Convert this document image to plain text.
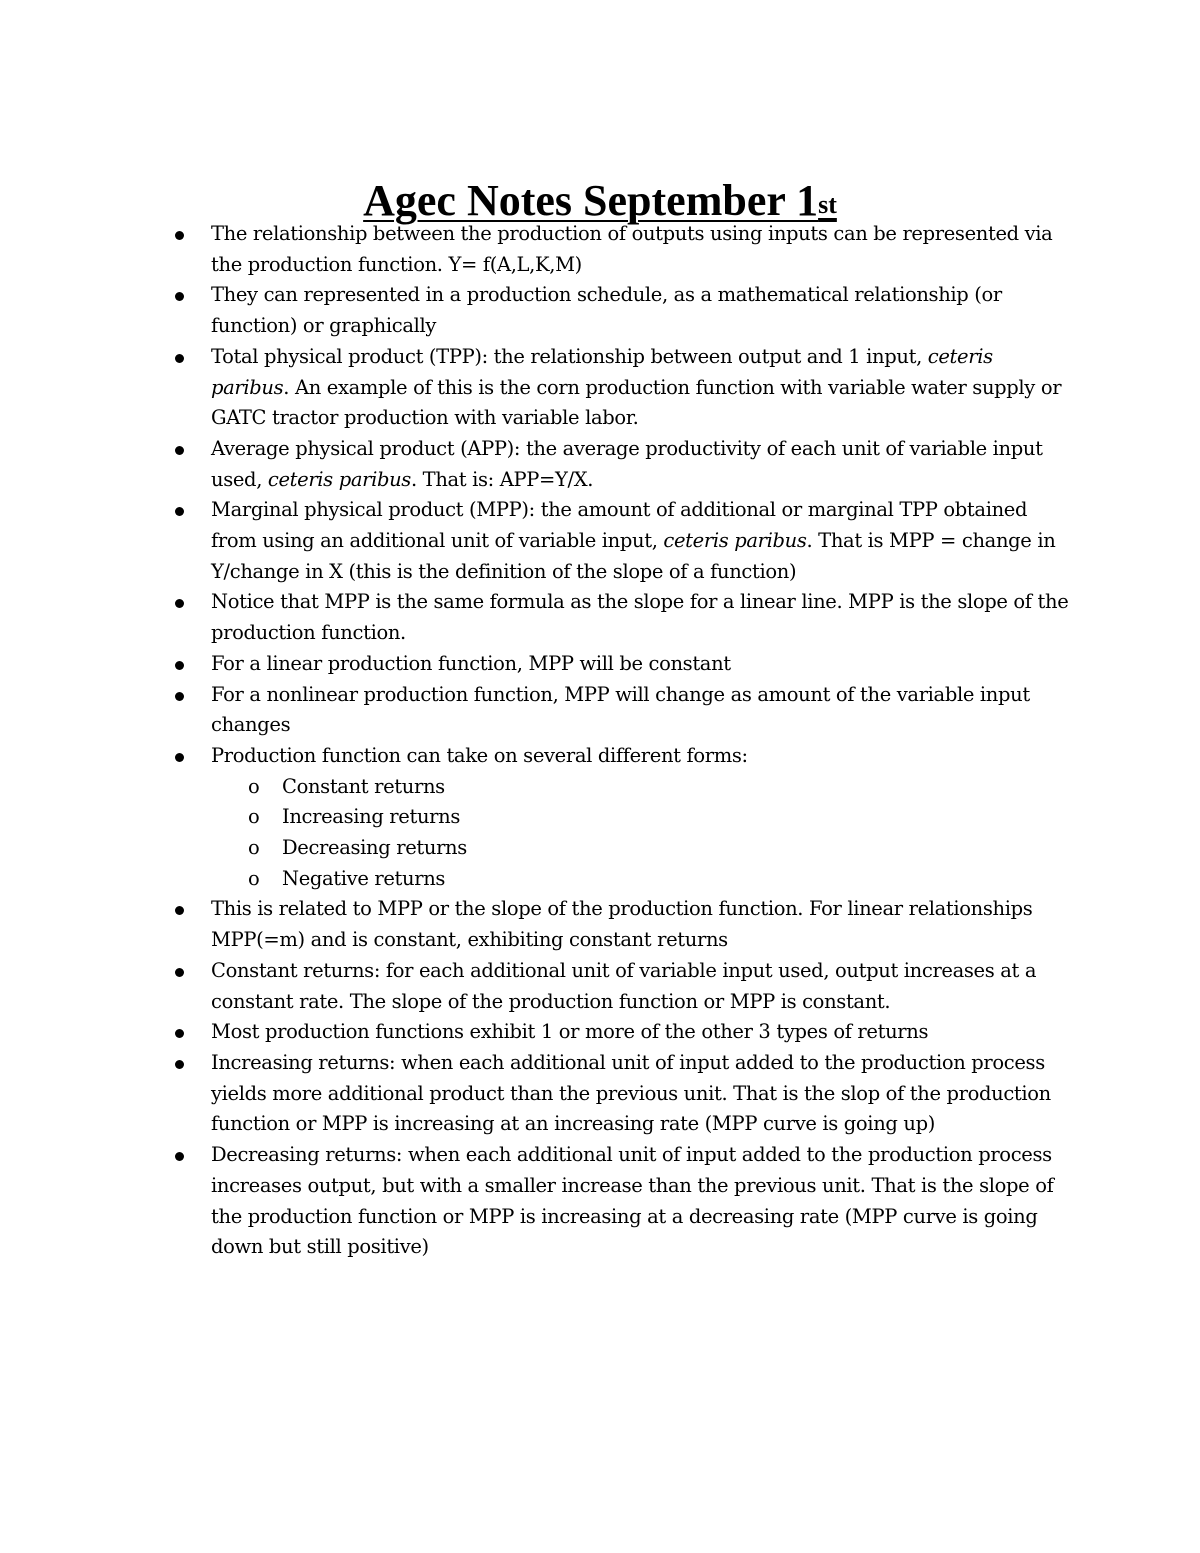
Agec Notes September 1st
The relationship between the production of outputs using inputs can be represented via the production function. Y= f(A,L,K,M)
They can represented in a production schedule, as a mathematical relationship (or function) or graphically
Total physical product (TPP): the relationship between output and 1 input, ceteris paribus. An example of this is the corn production function with variable water supply or GATC tractor production with variable labor.
Average physical product (APP): the average productivity of each unit of variable input used, ceteris paribus. That is: APP=Y/X.
Marginal physical product (MPP): the amount of additional or marginal TPP obtained from using an additional unit of variable input, ceteris paribus. That is MPP = change in Y/change in X (this is the definition of the slope of a function)
Notice that MPP is the same formula as the slope for a linear line. MPP is the slope of the production function.
For a linear production function, MPP will be constant
For a nonlinear production function, MPP will change as amount of the variable input changes
Production function can take on several different forms:
o Constant returns
o Increasing returns
o Decreasing returns
o Negative returns
This is related to MPP or the slope of the production function. For linear relationships MPP(=m) and is constant, exhibiting constant returns
Constant returns: for each additional unit of variable input used, output increases at a constant rate. The slope of the production function or MPP is constant.
Most production functions exhibit 1 or more of the other 3 types of returns
Increasing returns: when each additional unit of input added to the production process yields more additional product than the previous unit. That is the slop of the production function or MPP is increasing at an increasing rate (MPP curve is going up)
Decreasing returns: when each additional unit of input added to the production process increases output, but with a smaller increase than the previous unit. That is the slope of the production function or MPP is increasing at a decreasing rate (MPP curve is going down but still positive)
